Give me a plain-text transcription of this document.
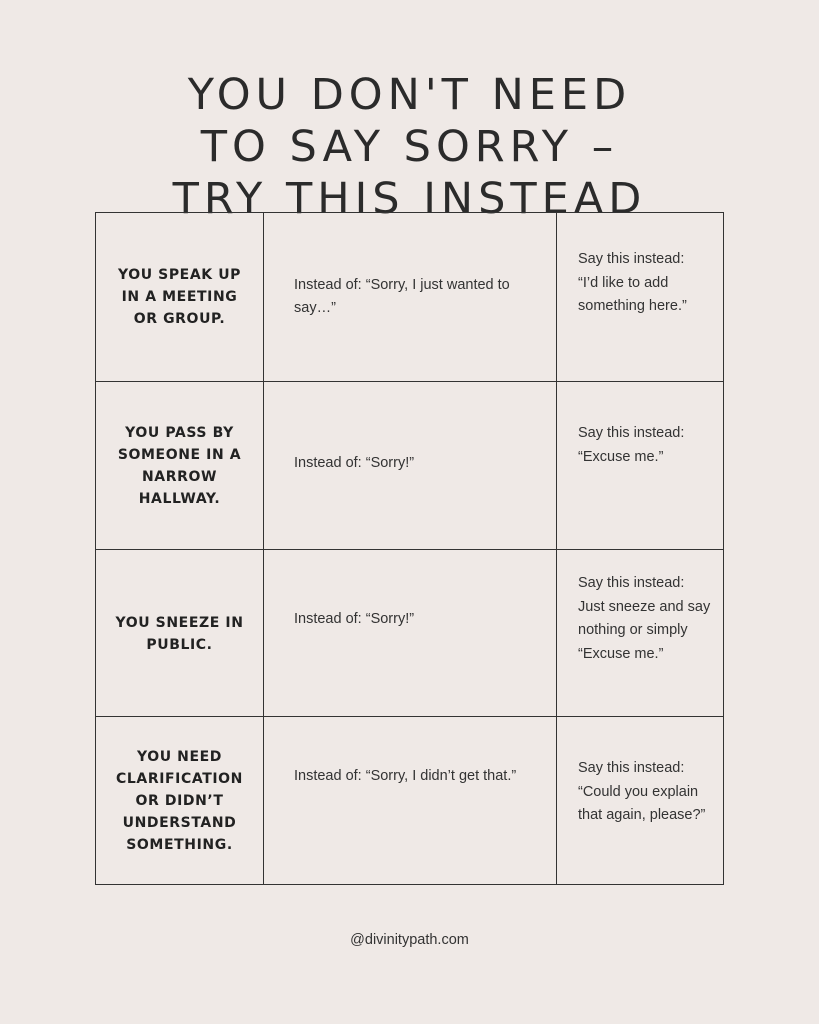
YOU DON'T NEED
TO SAY SORRY –
TRY THIS INSTEAD
YOU SPEAK UP IN A MEETING OR GROUP.
Instead of: “Sorry, I just wanted to say…”
Say this instead:
“I’d like to add something here.”
YOU PASS BY SOMEONE IN A NARROW HALLWAY.
Instead of: “Sorry!”
Say this instead:
“Excuse me.”
YOU SNEEZE IN PUBLIC.
Instead of: “Sorry!”
Say this instead:
Just sneeze and say nothing or simply “Excuse me.”
YOU NEED CLARIFICATION OR DIDN’T UNDERSTAND SOMETHING.
Instead of: “Sorry, I didn’t get that.”	Say this instead:
“Could you explain that again, please?”
@divinitypath.com
